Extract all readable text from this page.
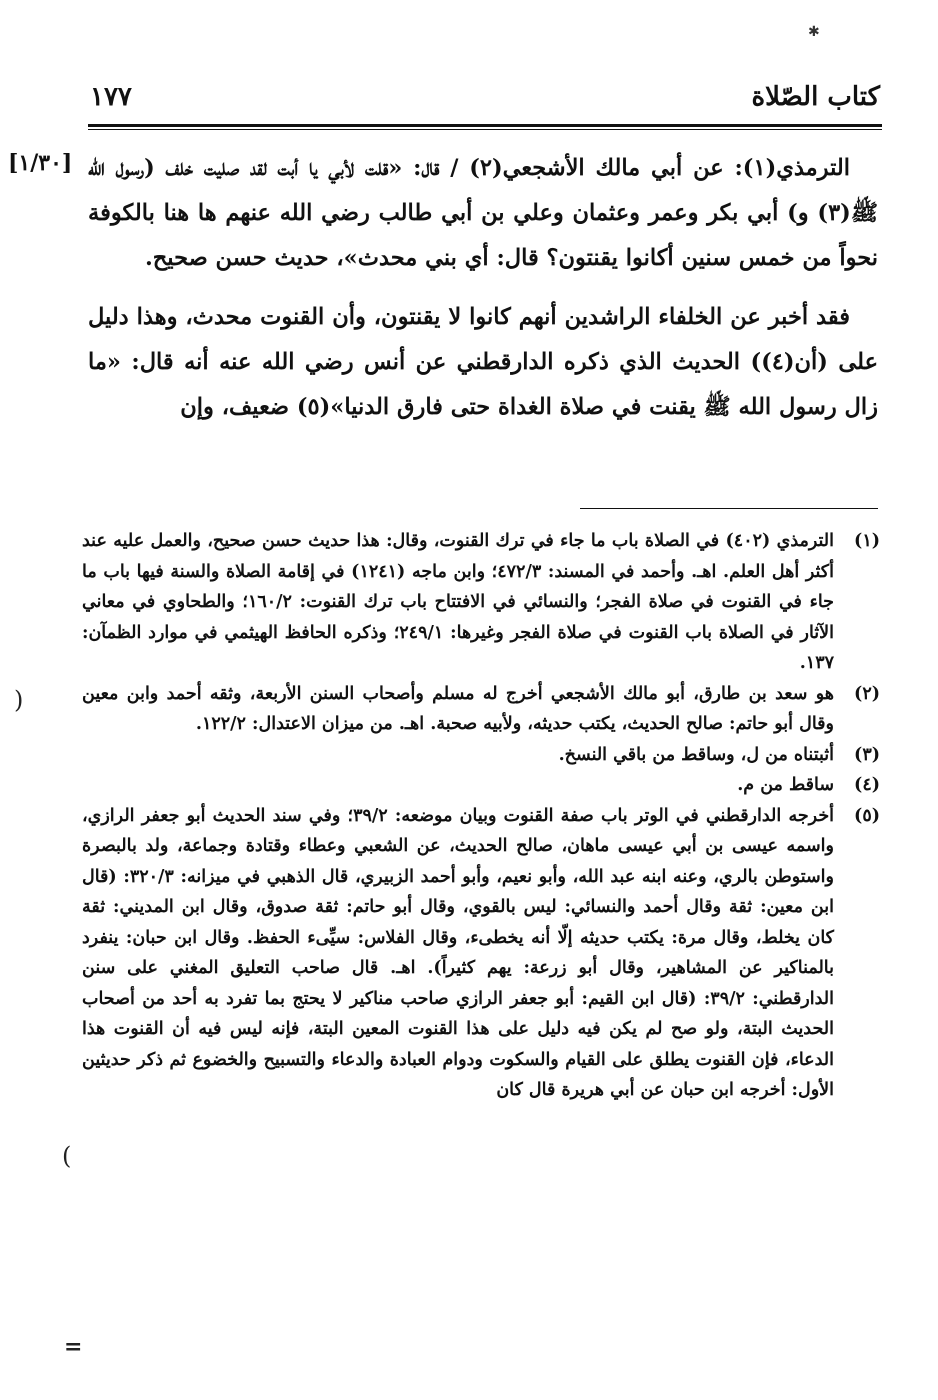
✱
كتاب الصّلاة
١٧٧
[١/٣٠] الترمذي(١): عن أبي مالك الأشجعي(٢) / قال: «قلت لأبي يا أبت لقد صليت خلف (رسول الله ﷺ(٣) و) أبي بكر وعمر وعثمان وعلي بن أبي طالب رضي الله عنهم ها هنا بالكوفة نحواً من خمس سنين أكانوا يقنتون؟ قال: أي بني محدث»، حديث حسن صحيح.

فقد أخبر عن الخلفاء الراشدين أنهم كانوا لا يقنتون، وأن القنوت محدث، وهذا دليل على (أن(٤)) الحديث الذي ذكره الدارقطني عن أنس رضي الله عنه أنه قال: «ما زال رسول الله ﷺ يقنت في صلاة الغداة حتى فارق الدنيا»(٥) ضعيف، وإن

(١)
الترمذي (٤٠٢) في الصلاة باب ما جاء في ترك القنوت، وقال: هذا حديث حسن صحيح، والعمل عليه عند أكثر أهل العلم. اهـ. وأحمد في المسند: ٤٧٢/٣؛ وابن ماجه (١٢٤١) في إقامة الصلاة والسنة فيها باب ما جاء في القنوت في صلاة الفجر؛ والنسائي في الافتتاح باب ترك القنوت: ١٦٠/٢؛ والطحاوي في معاني الآثار في الصلاة باب القنوت في صلاة الفجر وغيرها: ٢٤٩/١؛ وذكره الحافظ الهيثمي في موارد الظمآن: ١٣٧.
(٢)
هو سعد بن طارق، أبو مالك الأشجعي أخرج له مسلم وأصحاب السنن الأربعة، وثقه أحمد وابن معين وقال أبو حاتم: صالح الحديث، يكتب حديثه، ولأبيه صحبة. اهـ. من ميزان الاعتدال: ١٢٢/٢.
(٣)
أثبتناه من ل، وساقط من باقي النسخ.
(٤)
ساقط من م.
(٥)
أخرجه الدارقطني في الوتر باب صفة القنوت وبيان موضعه: ٣٩/٢؛ وفي سند الحديث أبو جعفر الرازي، واسمه عيسى بن أبي عيسى ماهان، صالح الحديث، عن الشعبي وعطاء وقتادة وجماعة، ولد بالبصرة واستوطن بالري، وعنه ابنه عبد الله، وأبو نعيم، وأبو أحمد الزبيري، قال الذهبي في ميزانه: ٣٢٠/٣: (قال ابن معين: ثقة وقال أحمد والنسائي: ليس بالقوي، وقال أبو حاتم: ثقة صدوق، وقال ابن المديني: ثقة كان يخلط، وقال مرة: يكتب حديثه إلّا أنه يخطىء، وقال الفلاس: سيِّىء الحفظ. وقال ابن حبان: ينفرد بالمناكير عن المشاهير، وقال أبو زرعة: يهم كثيراً). اهـ. قال صاحب التعليق المغني على سنن الدارقطني: ٣٩/٢: (قال ابن القيم: أبو جعفر الرازي صاحب مناكير لا يحتج بما تفرد به أحد من أصحاب الحديث البتة، ولو صح لم يكن فيه دليل على هذا القنوت المعين البتة، فإنه ليس فيه أن القنوت هذا الدعاء، فإن القنوت يطلق على القيام والسكوت ودوام العبادة والدعاء والتسبيح والخضوع ثم ذكر حديثين الأول: أخرجه ابن حبان عن أبي هريرة قال كان
)
(
=
